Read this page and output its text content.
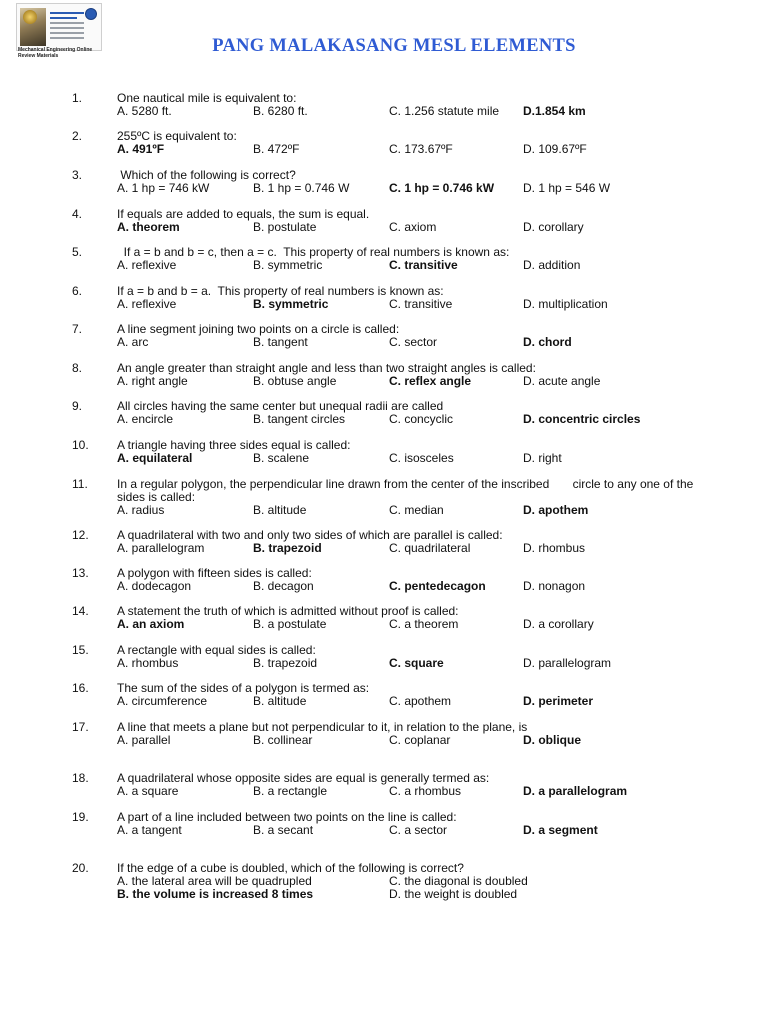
Mechanical Engineering Online Review Materials	PANG MALAKASANG MESL ELEMENTS
1.	One nautical mile is equivalent to:
A. 5280 ft.	B. 6280 ft.	C. 1.256 statute mile D.1.854 km
2.	255ºC is equivalent to:
A. 491ºF	B. 472ºF	C. 173.67ºF	D. 109.67ºF
3.	Which of the following is correct?
A. 1 hp = 746 kW	B. 1 hp = 0.746 W	C. 1 hp = 0.746 kW D. 1 hp = 546 W
4.	If equals are added to equals, the sum is equal.
A. theorem	B. postulate	C. axiom	D. corollary
5.	If a = b and b = c, then a = c.  This property of real numbers is known as:
A. reflexive	B. symmetric	C. transitive	D. addition
6.	If a = b and b = a.  This property of real numbers is known as:
A. reflexive	B. symmetric	C. transitive	D. multiplication
7.	A line segment joining two points on a circle is called:
A. arc	B. tangent	C. sector	D. chord
8.	An angle greater than straight angle and less than two straight angles is called:
A. right angle	B. obtuse angle	C. reflex angle	D. acute angle
9.	All circles having the same center but unequal radii are called
A. encircle	B. tangent circles	C. concyclic	D. concentric circles
10.	A triangle having three sides equal is called:
A. equilateral	B. scalene	C. isosceles	D. right
11.	In a regular polygon, the perpendicular line drawn from the center of the inscribed       circle to any one of the sides is called:
A. radius	B. altitude	C. median	D. apothem
12.	A quadrilateral with two and only two sides of which are parallel is called:
A. parallelogram	B. trapezoid	C. quadrilateral	D. rhombus
13.	A polygon with fifteen sides is called:
A. dodecagon	B. decagon	C. pentedecagon	D. nonagon
14.	A statement the truth of which is admitted without proof is called:
A. an axiom	B. a postulate	C. a theorem	D. a corollary
15.	A rectangle with equal sides is called:
A. rhombus	B. trapezoid	C. square	D. parallelogram
16.	The sum of the sides of a polygon is termed as:
A. circumference	B. altitude	C. apothem	D. perimeter
17.	A line that meets a plane but not perpendicular to it, in relation to the plane, is
A. parallel	B. collinear	C. coplanar	D. oblique
18.	A quadrilateral whose opposite sides are equal is generally termed as:
A. a square	B. a rectangle	C. a rhombus	D. a parallelogram
19.	A part of a line included between two points on the line is called:
A. a tangent	B. a secant	C. a sector	D. a segment
20.	If the edge of a cube is doubled, which of the following is correct?
A. the lateral area will be quadrupled	C. the diagonal is doubled
B. the volume is increased 8 times	D. the weight is doubled
